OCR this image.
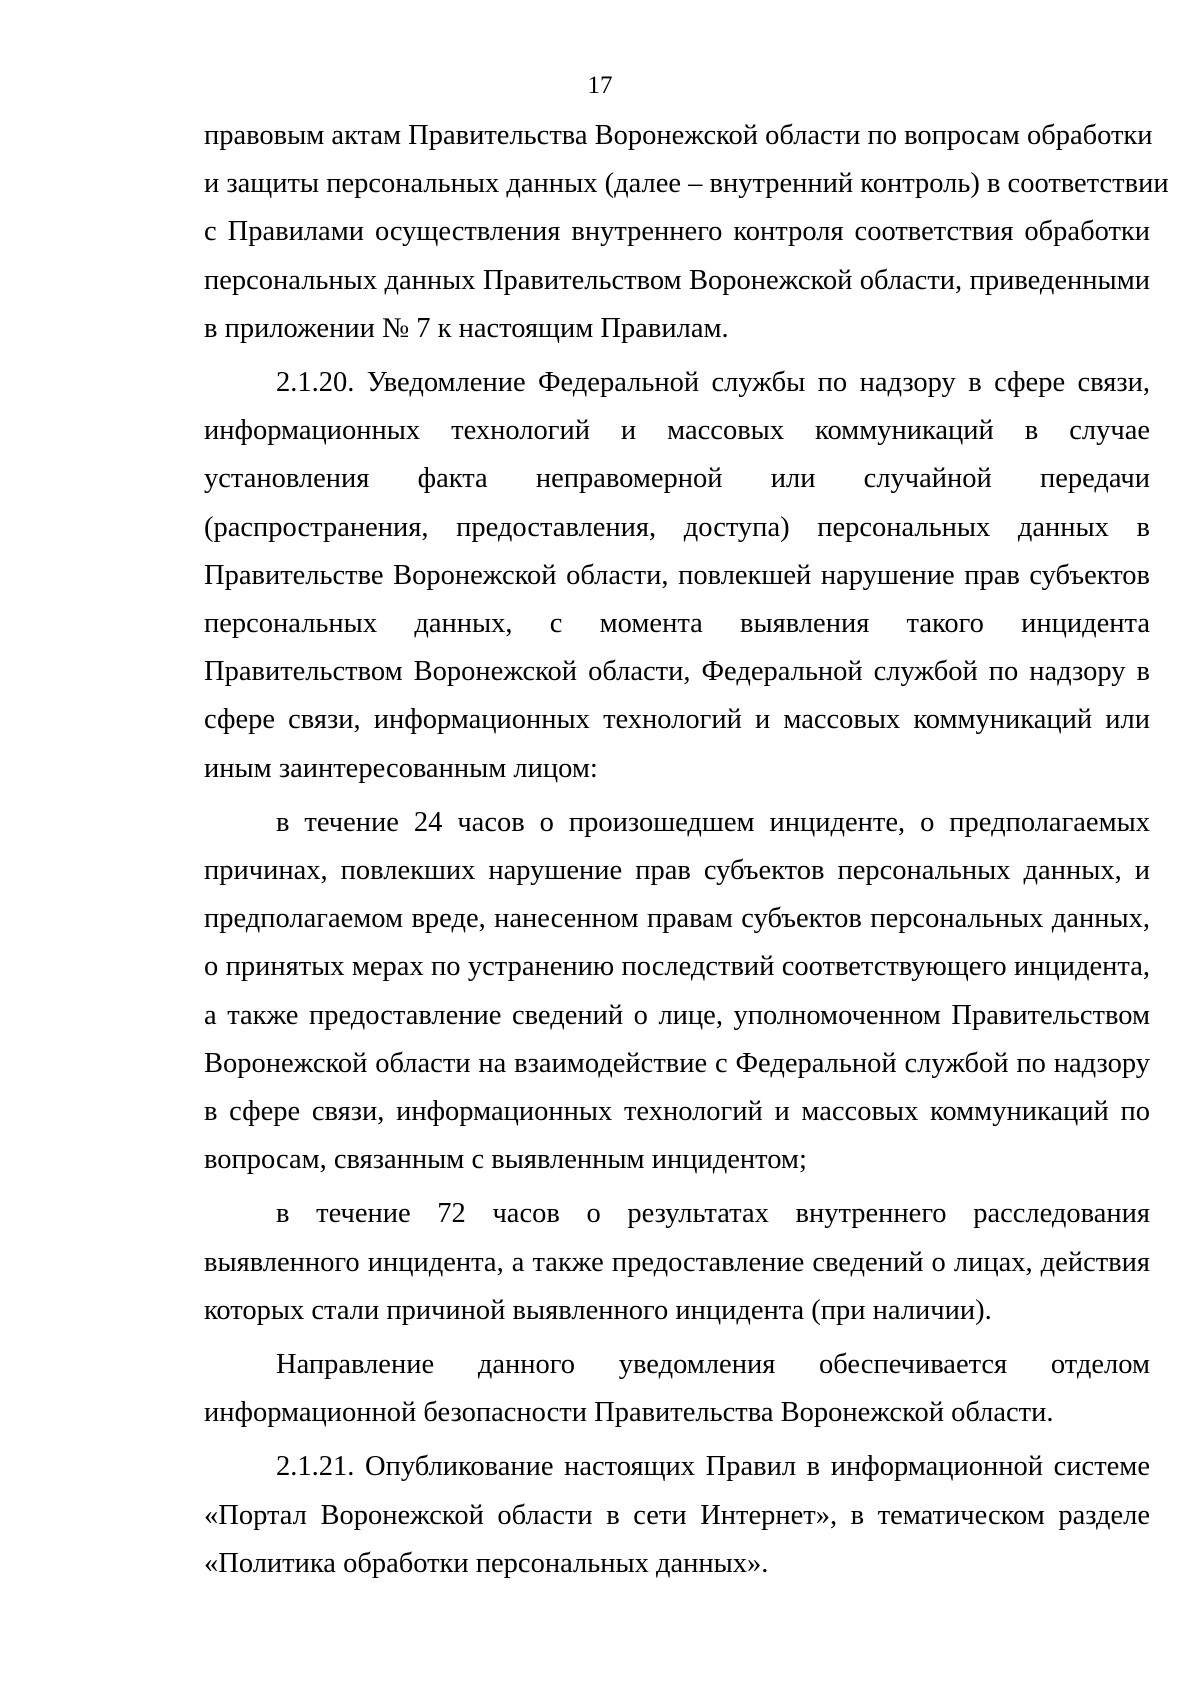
17
правовым актам Правительства Воронежской области по вопросам обработки
и защиты персональных данных (далее – внутренний контроль) в соответствии
с Правилами осуществления внутреннего контроля соответствия обработки
персональных данных Правительством Воронежской области, приведенными
в приложении № 7 к настоящим Правилам.
2.1.20. Уведомление Федеральной службы по надзору в сфере связи,
информационных технологий и массовых коммуникаций в случае
установления факта неправомерной или случайной передачи
(распространения, предоставления, доступа) персональных данных в
Правительстве Воронежской области, повлекшей нарушение прав субъектов
персональных данных, с момента выявления такого инцидента
Правительством Воронежской области, Федеральной службой по надзору в
сфере связи, информационных технологий и массовых коммуникаций или
иным заинтересованным лицом:
в течение 24 часов о произошедшем инциденте, о предполагаемых
причинах, повлекших нарушение прав субъектов персональных данных, и
предполагаемом вреде, нанесенном правам субъектов персональных данных,
о принятых мерах по устранению последствий соответствующего инцидента,
а также предоставление сведений о лице, уполномоченном Правительством
Воронежской области на взаимодействие с Федеральной службой по надзору
в сфере связи, информационных технологий и массовых коммуникаций по
вопросам, связанным с выявленным инцидентом;
в течение 72 часов о результатах внутреннего расследования
выявленного инцидента, а также предоставление сведений о лицах, действия
которых стали причиной выявленного инцидента (при наличии).
Направление данного уведомления обеспечивается отделом
информационной безопасности Правительства Воронежской области.
2.1.21. Опубликование настоящих Правил в информационной системе
«Портал Воронежской области в сети Интернет», в тематическом разделе
«Политика обработки персональных данных».
